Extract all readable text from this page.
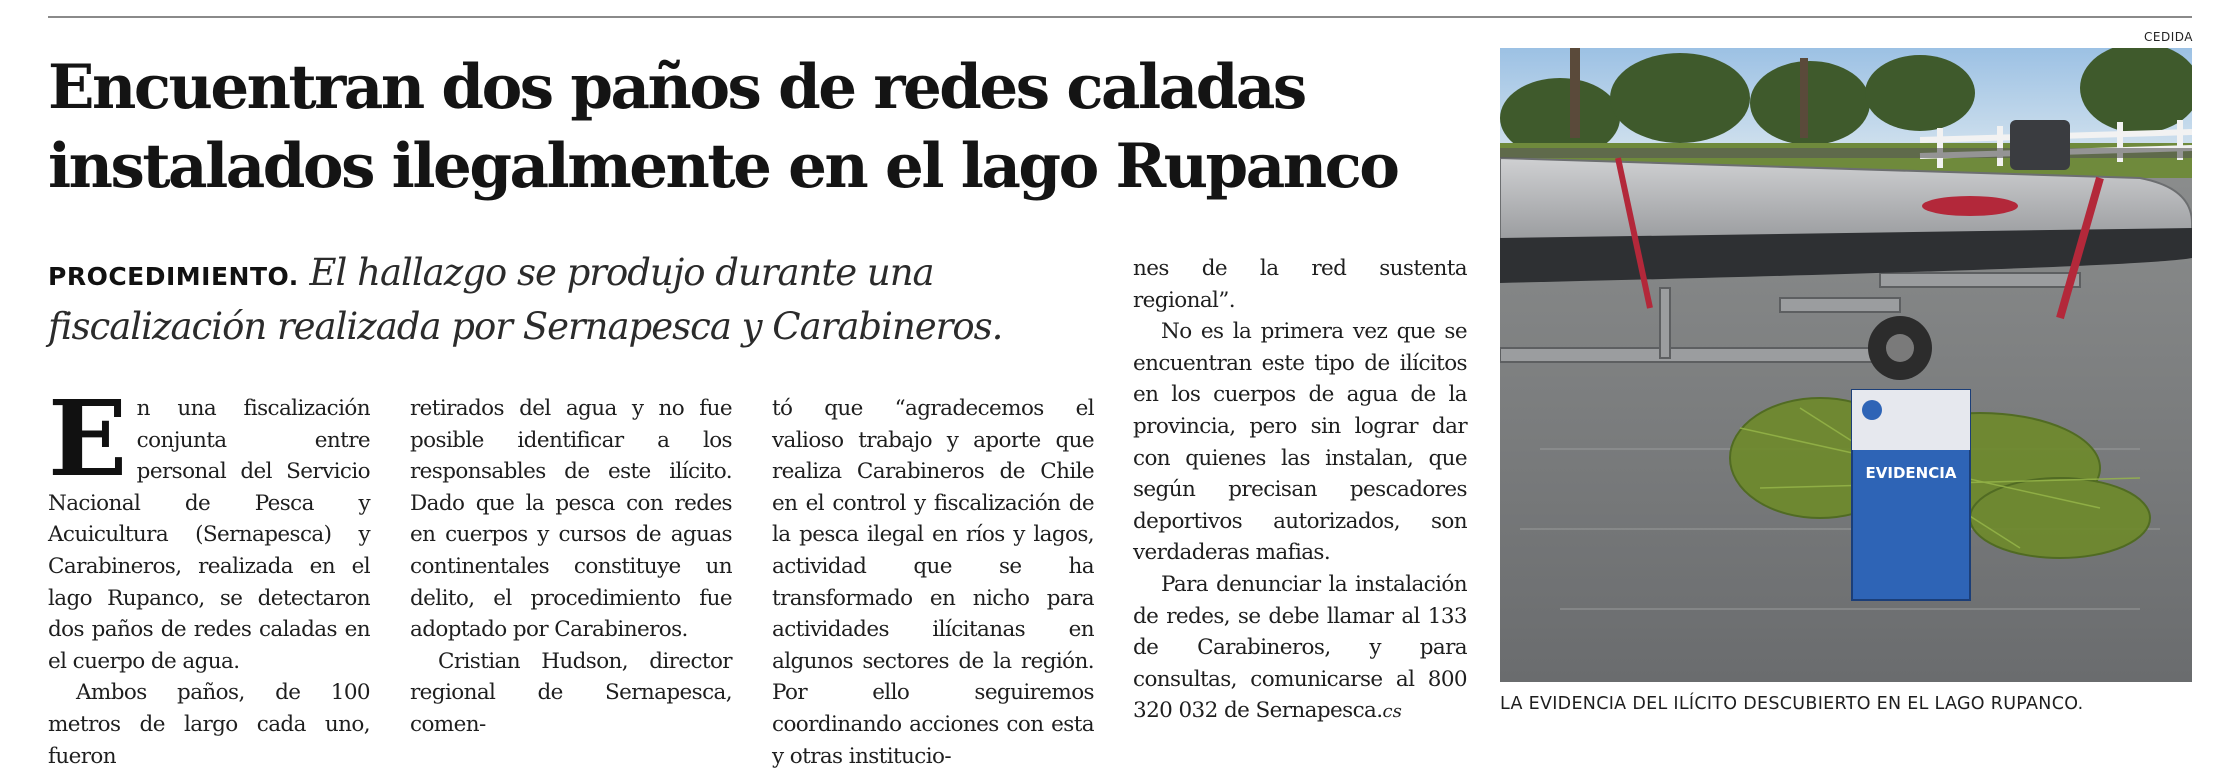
Encuentran dos paños de redes caladas instalados ilegalmente en el lago Rupanco

PROCEDIMIENTO. El hallazgo se produjo durante una fiscalización realizada por Sernapesca y Carabineros.

En una fiscalización conjunta entre personal del Servicio Nacional de Pesca y Acuicultura (Sernapesca) y Carabineros, realizada en el lago Rupanco, se detectaron dos paños de redes caladas en el cuerpo de agua.

Ambos paños, de 100 metros de largo cada uno, fueron

retirados del agua y no fue posible identificar a los responsables de este ilícito. Dado que la pesca con redes en cuerpos y cursos de aguas continentales constituye un delito, el procedimiento fue adoptado por Carabineros.

Cristian Hudson, director regional de Sernapesca, comen-

tó que “agradecemos el valioso trabajo y aporte que realiza Carabineros de Chile en el control y fiscalización de la pesca ilegal en ríos y lagos, actividad que se ha transformado en nicho para actividades ilícitanas en algunos sectores de la región. Por ello seguiremos coordinando acciones con esta y otras institucio-

nes de la red sustenta regional”.

No es la primera vez que se encuentran este tipo de ilícitos en los cuerpos de agua de la provincia, pero sin lograr dar con quienes las instalan, que según precisan pescadores deportivos autorizados, son verdaderas mafias.

Para denunciar la instalación de redes, se debe llamar al 133 de Carabineros, y para consultas, comunicarse al 800 320 032 de Sernapesca.cs

CEDIDA
EVIDENCIA

LA EVIDENCIA DEL ILÍCITO DESCUBIERTO EN EL LAGO RUPANCO.
